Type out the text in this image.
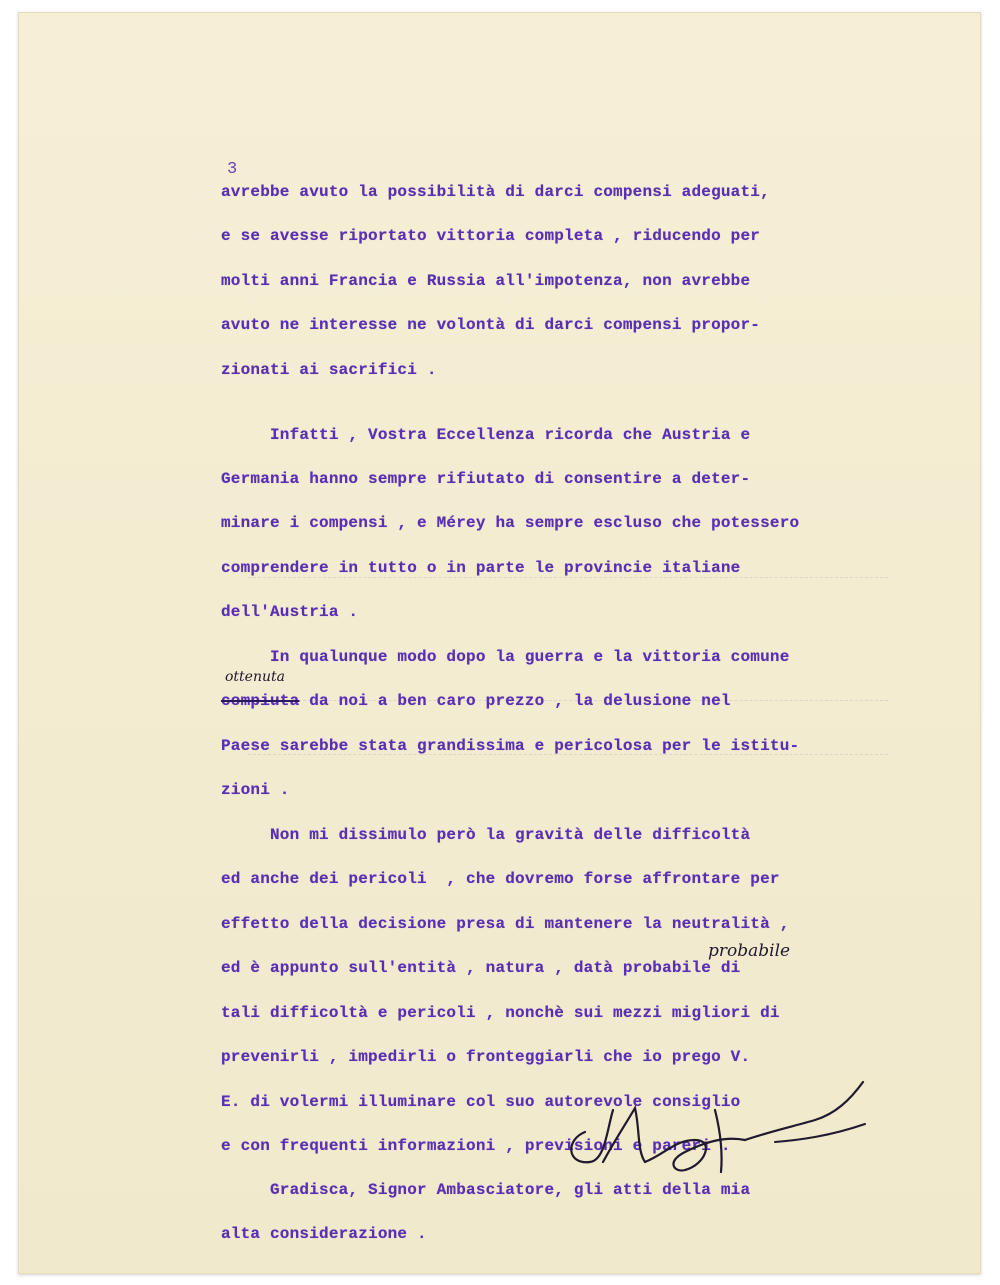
3

avrebbe avuto la possibilità di darci compensi adeguati,

e se avesse riportato vittoria completa , riducendo per

molti anni Francia e Russia all'impotenza, non avrebbe

avuto ne interesse ne volontà di darci compensi propor-

zionati ai sacrifici .

Infatti , Vostra Eccellenza ricorda che Austria e

Germania hanno sempre rifiutato di consentire a deter-

minare i compensi , e Mérey ha sempre escluso che potessero

comprendere in tutto o in parte le provincie italiane

dell'Austria .

In qualunque modo dopo la guerra e la vittoria comune

compiuta da noi a ben caro prezzo , la delusione nel

Paese sarebbe stata grandissima e pericolosa per le istitu-

zioni .

Non mi dissimulo però la gravità delle difficoltà

ed anche dei pericoli  , che dovremo forse affrontare per

effetto della decisione presa di mantenere la neutralità ,

ed è appunto sull'entità , natura , datà probabile di

tali difficoltà e pericoli , nonchè sui mezzi migliori di

prevenirli , impedirli o fronteggiarli che io prego V.

E. di volermi illuminare col suo autorevole consiglio

e con frequenti informazioni , previsioni e pareri .

Gradisca, Signor Ambasciatore, gli atti della mia

alta considerazione .

ottenuta
probabile
